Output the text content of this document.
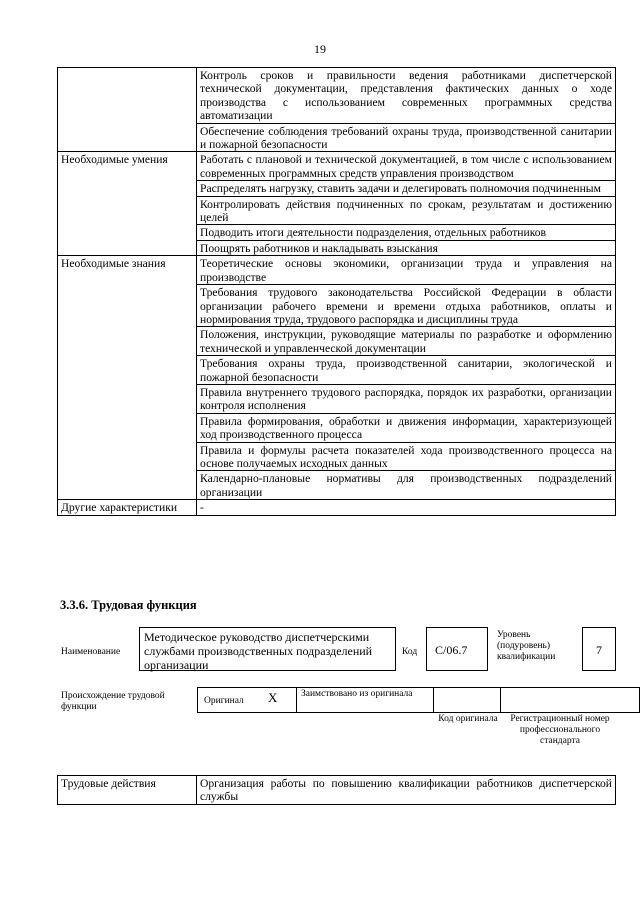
19
	Контроль сроков и правильности ведения работниками диспетчерской технической документации, представления фактических данных о ходе производства с использованием современных программных средства автоматизации
	Обеспечение соблюдения требований охраны труда, производственной санитарии и пожарной безопасности
Необходимые умения	Работать с плановой и технической документацией, в том числе с использованием современных программных средств управления производством
	Распределять нагрузку, ставить задачи и делегировать полномочия подчиненным
	Контролировать действия подчиненных по срокам, результатам и достижению целей
	Подводить итоги деятельности подразделения, отдельных работников
	Поощрять работников и накладывать взыскания
Необходимые знания	Теоретические основы экономики, организации труда и управления на производстве
	Требования трудового законодательства Российской Федерации в области организации рабочего времени и времени отдыха работников, оплаты и нормирования труда, трудового распорядка и дисциплины труда
	Положения, инструкции, руководящие материалы по разработке и оформлению технической и управленческой документации
	Требования охраны труда, производственной санитарии, экологической и пожарной безопасности
	Правила внутреннего трудового распорядка, порядок их разработки, организации контроля исполнения
	Правила формирования, обработки и движения информации, характеризующей ход производственного процесса
	Правила и формулы расчета показателей хода производственного процесса на основе получаемых исходных данных
	Календарно-плановые нормативы для производственных подразделений организации
Другие характеристики	-
3.3.6. Трудовая функция
Наименование
Методическое руководство диспетчерскими службами производственных подразделений организации
Код	С/06.7
Уровень (подуровень) квалификации	7
Происхождение трудовой функции
Оригинал X	Заимствовано из оригинала
Код оригинала	Регистрационный номер профессионального стандарта
Трудовые действия	Организация работы по повышению квалификации работников диспетчерской службы
